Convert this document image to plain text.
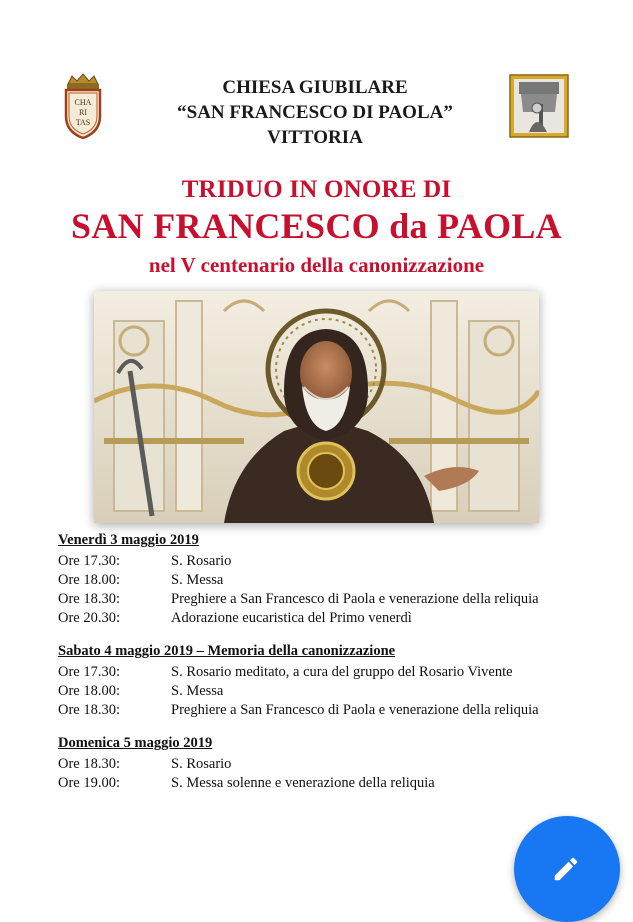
CHA
RI
TAS
CHIESA GIUBILARE
“SAN FRANCESCO DI PAOLA”
VITTORIA
TRIDUO IN ONORE DI
SAN FRANCESCO da PAOLA
nel V centenario della canonizzazione
Venerdì 3 maggio 2019
Ore 17.30:	S. Rosario
Ore 18.00:	S. Messa
Ore 18.30:	Preghiere a San Francesco di Paola e venerazione della reliquia
Ore 20.30:	Adorazione eucaristica del Primo venerdì
Sabato 4 maggio 2019 – Memoria della canonizzazione
Ore 17.30:	S. Rosario meditato, a cura del gruppo del Rosario Vivente
Ore 18.00:	S. Messa
Ore 18.30:	Preghiere a San Francesco di Paola e venerazione della reliquia
Domenica 5 maggio 2019
Ore 18.30:	S. Rosario
Ore 19.00:	S. Messa solenne e venerazione della reliquia
